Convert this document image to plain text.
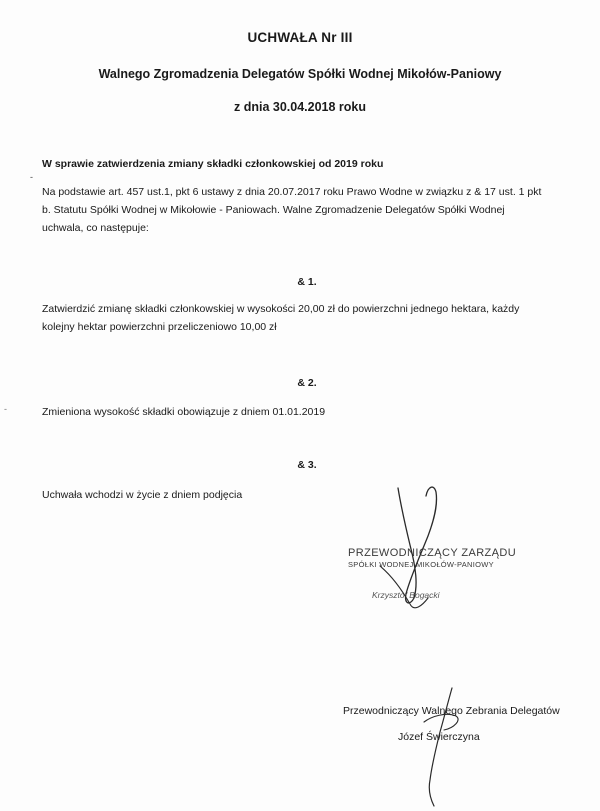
UCHWAŁA Nr III
Walnego Zgromadzenia Delegatów Spółki Wodnej Mikołów-Paniowy
z dnia 30.04.2018 roku
-
W sprawie zatwierdzenia zmiany składki członkowskiej od 2019 roku
Na podstawie art. 457 ust.1, pkt 6 ustawy z dnia 20.07.2017 roku Prawo Wodne w związku z & 17 ust. 1 pkt
b. Statutu Spółki Wodnej w Mikołowie - Paniowach. Walne Zgromadzenie Delegatów Spółki Wodnej
uchwala, co następuje:
& 1.
Zatwierdzić zmianę składki członkowskiej w wysokości 20,00 zł do powierzchni jednego hektara, każdy
kolejny hektar powierzchni przeliczeniowo 10,00 zł
& 2.
-	Zmieniona wysokość składki obowiązuje z dniem 01.01.2019
& 3.
Uchwała wchodzi w życie z dniem podjęcia
PRZEWODNICZĄCY ZARZĄDU
SPÓŁKI WODNEJ MIKOŁÓW-PANIOWY
Krzysztof Bogacki
Przewodniczący Walnego Zebrania Delegatów
Józef Świerczyna
